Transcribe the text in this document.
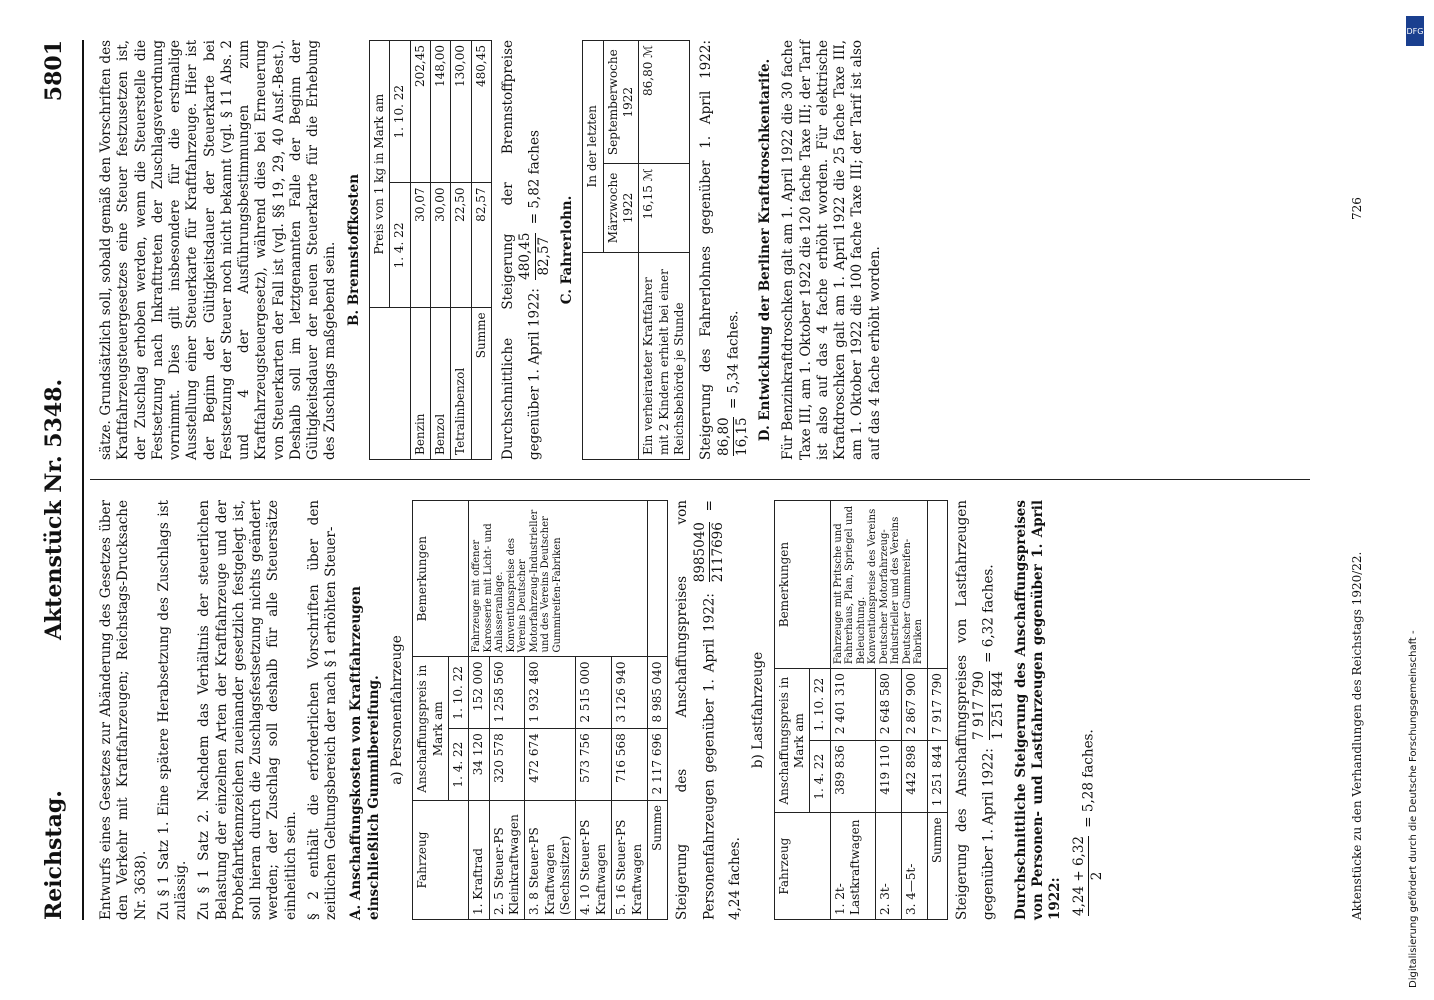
Reichstag.
Aktenstück Nr. 5348.
5801

Entwurfs eines Gesetzes zur Abänderung des Gesetzes über den Verkehr mit Kraftfahrzeugen; Reichstags-Drucksache Nr. 3638). Zu § 1 Satz 1. Eine spätere Herabsetzung des Zuschlags ist zulässig. Zu § 1 Satz 2. Nachdem das Verhältnis der steuerlichen Belastung der einzelnen Arten der Kraftfahrzeuge und der Probefahrtkennzeichen zueinander gesetzlich festgelegt ist, soll hieran durch die Zuschlagsfestsetzung nichts geändert werden; der Zuschlag soll deshalb für alle Steuersätze einheitlich sein. § 2 enthält die erforderlichen Vorschriften über den zeitlichen Geltungsbereich der nach § 1 erhöhten Steuer- A. Anschaffungskosten von Kraftfahrzeugen einschließlich Gummibereifung. a) Personenfahrzeuge
Fahrzeug	Anschaffungspreis in Mark am		Bemerkungen
	1. 4. 22	1. 10. 22	
1. Kraftrad	34 120	152 000	Fahrzeuge mit offener Karosserie mit Licht- und Anlasseranlage. Konventionspreise des Vereins Deutscher Motorfahrzeug-Industrieller und des Vereins Deutscher Gummireifen-Fabriken
2. 5 Steuer-PS Kleinkraftwagen	320 578	1 258 560	
3. 8 Steuer-PS Kraftwagen (Sechssitzer)	472 674	1 932 480	
4. 10 Steuer-PS Kraftwagen	573 756	2 515 000	
5. 16 Steuer-PS Kraftwagen	716 568	3 126 940	
Summe	2 117 696	8 985 040	Steigerung des Anschaffungspreises von Personenfahrzeugen gegenüber 1. April 1922:
8985040 2117696
= 4,24 faches.

b) Lastfahrzeuge
Fahrzeug	Anschaffungspreis in Mark am		Bemerkungen
	1. 4. 22	1. 10. 22	
1. 2t-Lastkraftwagen	389 836	2 401 310	Fahrzeuge mit Pritsche und Fahrerhaus, Plan, Spriegel und Beleuchtung. Konventionspreise des Vereins Deutscher Motorfahrzeug-Industrieller und des Vereins Deutscher Gummireifen-Fabriken
2. 3t-	419 110	2 648 580	
3. 4—5t-	442 898	2 867 900	
Summe	1 251 844	7 917 790	Steigerung des Anschaffungspreises von Lastfahrzeugen gegenüber 1. April 1922:
7 917 790 1 251 844
= 6,32 faches.	Durchschnittliche Steigerung des Anschaffungspreises von Personen- und Lastfahrzeugen gegenüber 1. April 1922: 4,24 + 6,32 2
= 5,28 faches.

sätze. Grundsätzlich soll, sobald gemäß den Vorschriften des Kraftfahrzeugsteuergesetzes eine Steuer festzusetzen ist, der Zuschlag erhoben werden, wenn die Steuerstelle die Festsetzung nach Inkrafttreten der Zuschlagsverordnung vornimmt. Dies gilt insbesondere für die erstmalige Ausstellung einer Steuerkarte für Kraftfahrzeuge. Hier ist der Beginn der Gültigkeitsdauer der Steuerkarte bei Festsetzung der Steuer noch nicht bekannt (vgl. § 11 Abs. 2 und 4 der Ausführungsbestimmungen zum Kraftfahrzeugsteuergesetz), während dies bei Erneuerung von Steuerkarten der Fall ist (vgl. §§ 19, 29, 40 Ausf.-Best.). Deshalb soll im letztgenannten Falle der Beginn der Gültigkeitsdauer der neuen Steuerkarte für die Erhebung des Zuschlags maßgebend sein. B. Brennstoffkosten
	Preis von 1 kg in Mark am	
	1. 4. 22	1. 10. 22
Benzin	30,07	202,45
Benzol	30,00	148,00
Tetralinbenzol	22,50	130,00
Summe	82,57	480,45 Durchschnittliche Steigerung der Brennstoffpreise gegenüber 1. April 1922:
480,45 82,57
= 5,82 faches

C. Fahrerlohn.
	In der letzten	
	Märzwoche 1922	Septemberwoche 1922
Ein verheirateter Kraftfahrer mit 2 Kindern erhielt bei einer Reichsbehörde je Stunde	16,15 ℳ	86,80 ℳ	Steigerung des Fahrerlohnes gegenüber 1. April 1922: 86,80 16,15
= 5,34 faches.	D. Entwicklung der Berliner Kraftdroschkentarife. Für Benzinkraftdroschken galt am 1. April 1922 die 30 fache Taxe III, am 1. Oktober 1922 die 120 fache Taxe III; der Tarif ist also auf das 4 fache erhöht worden. Für elektrische Kraftdroschken galt am 1. April 1922 die 25 fache Taxe III, am 1. Oktober 1922 die 100 fache Taxe III; der Tarif ist also auf das 4 fache erhöht worden.

Aktenstücke zu den Verhandlungen des Reichstags 1920/22.
726
DFG
Digitalisierung gefördert durch die Deutsche Forschungsgemeinschaft -
